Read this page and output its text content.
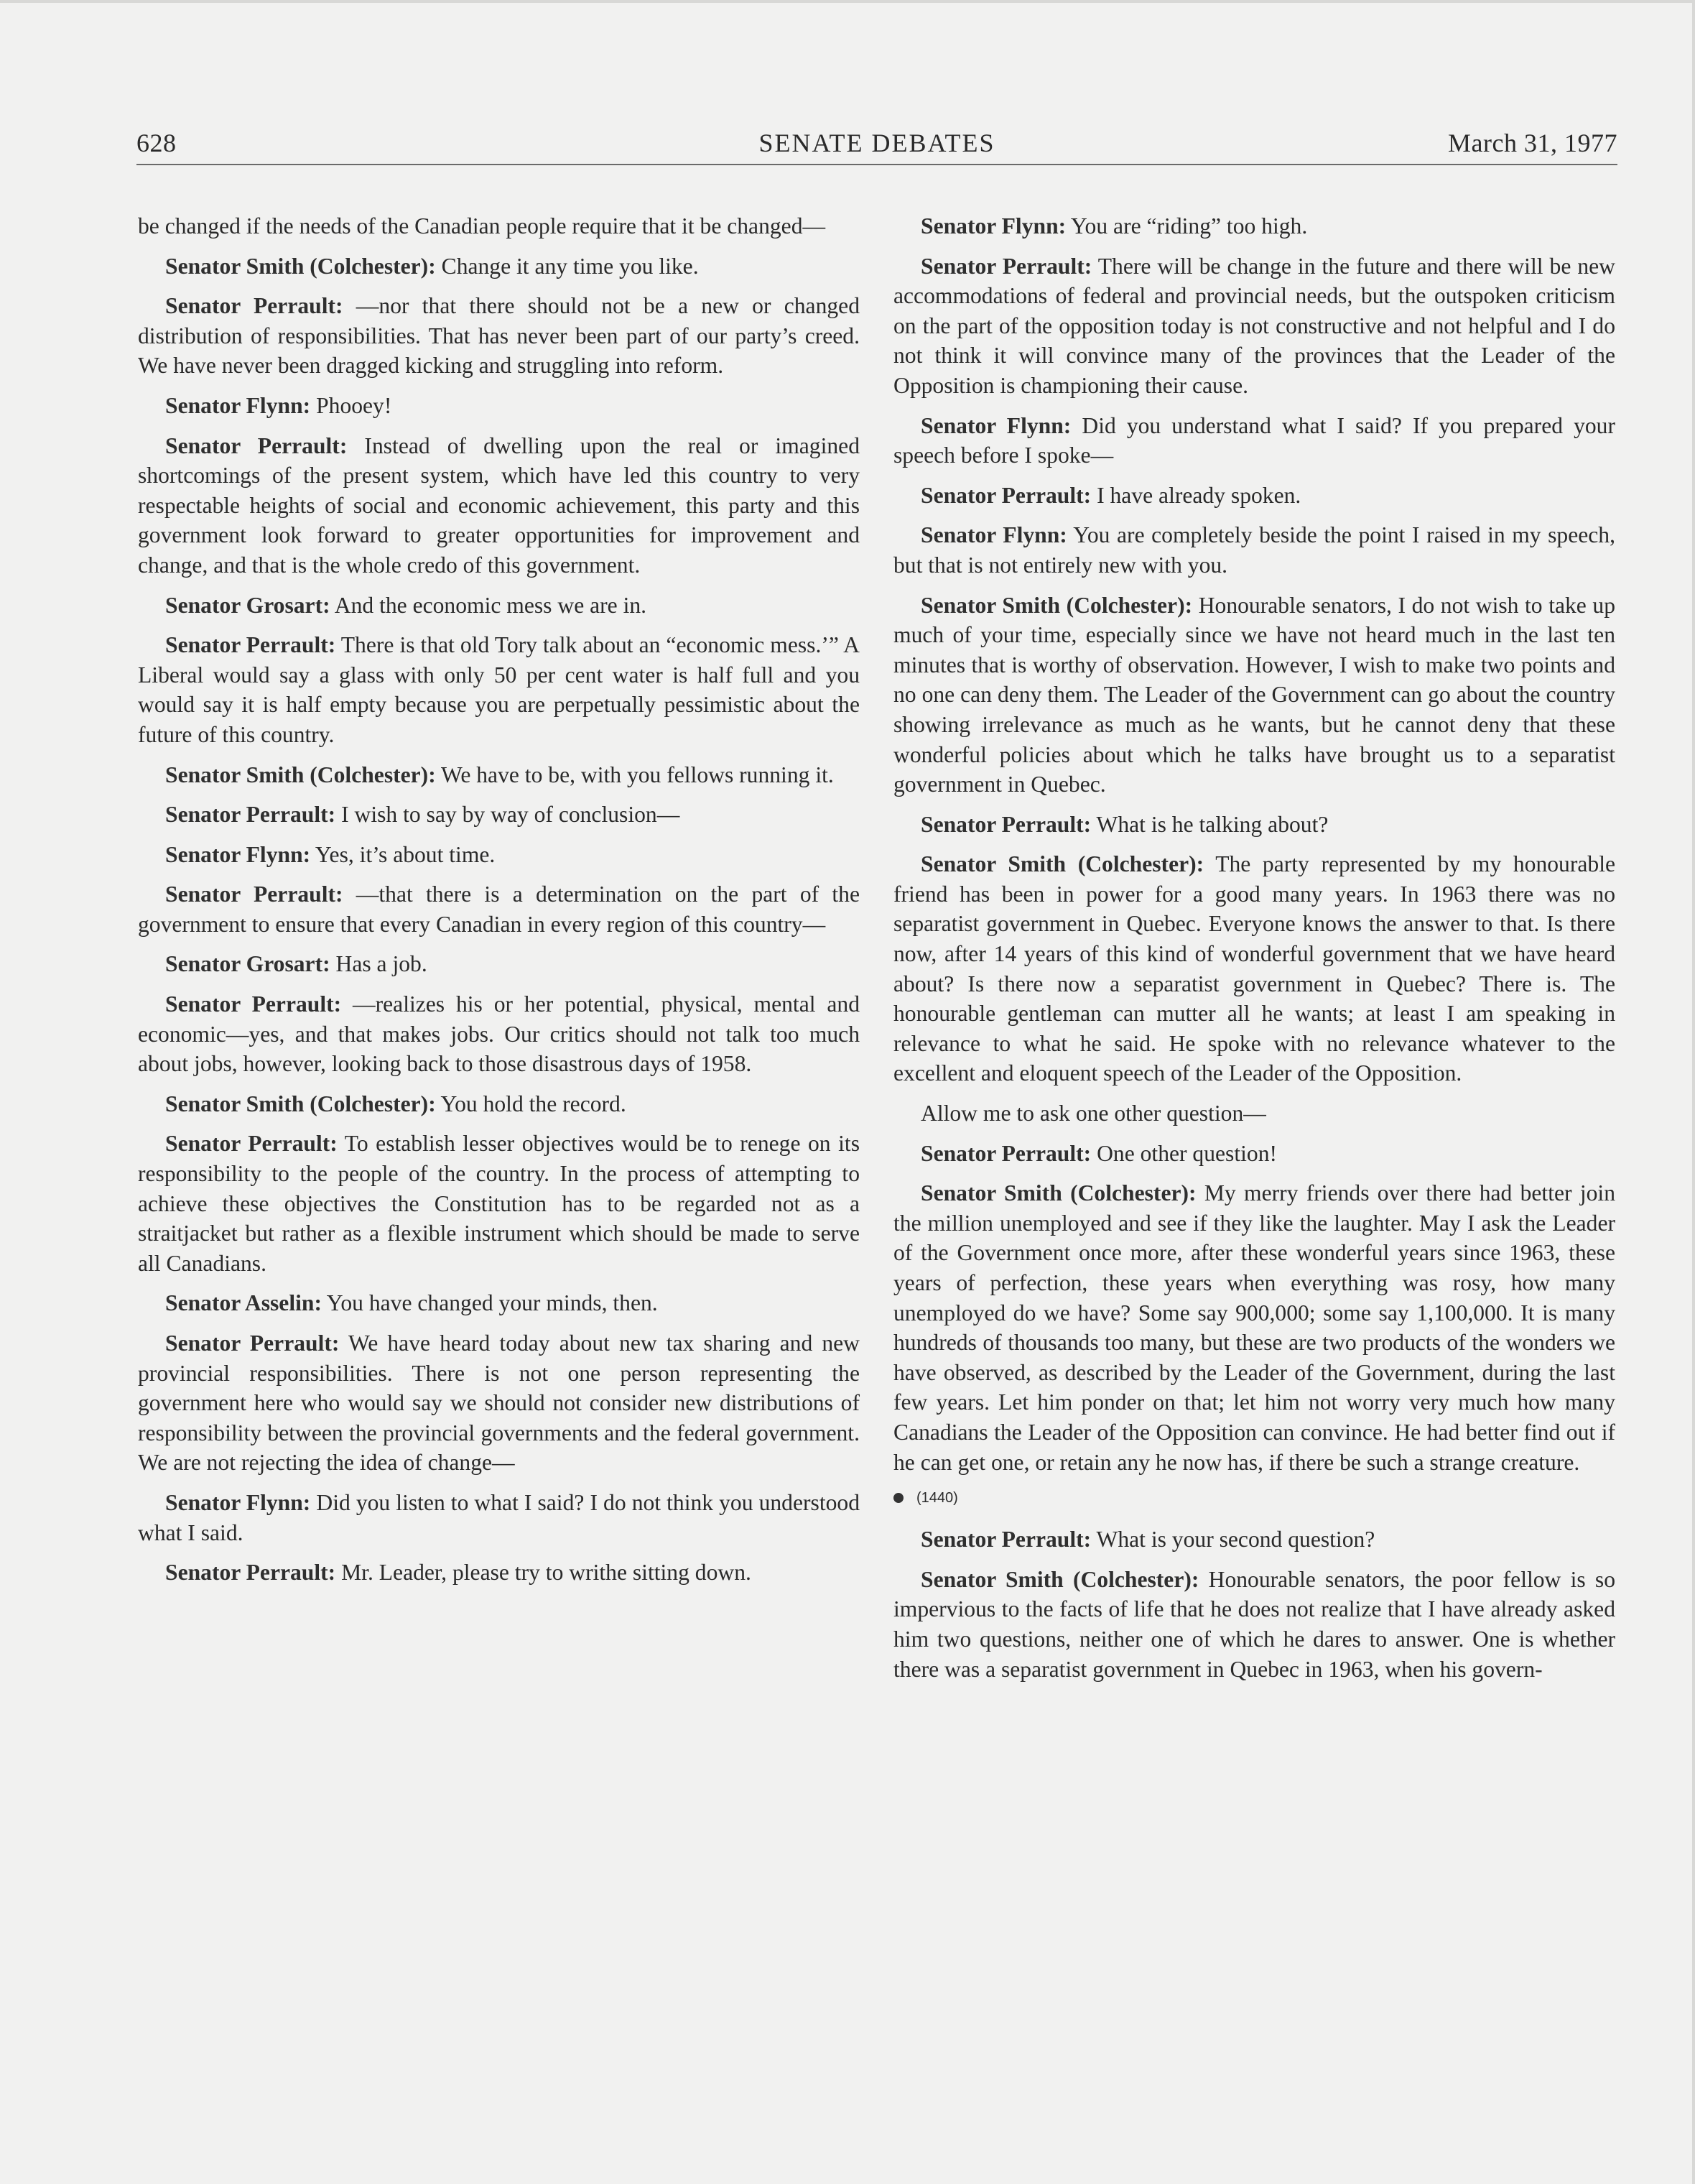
SENATE DEBATES
628	March 31, 1977

be changed if the needs of the Canadian people require that it be changed—

Senator Smith (Colchester): Change it any time you like.

Senator Perrault: —nor that there should not be a new or changed distribution of responsibilities. That has never been part of our party’s creed. We have never been dragged kicking and struggling into reform.

Senator Flynn: Phooey!

Senator Perrault: Instead of dwelling upon the real or imagined shortcomings of the present system, which have led this country to very respectable heights of social and economic achievement, this party and this government look forward to greater opportunities for improvement and change, and that is the whole credo of this government.

Senator Grosart: And the economic mess we are in.

Senator Perrault: There is that old Tory talk about an “economic mess.’” A Liberal would say a glass with only 50 per cent water is half full and you would say it is half empty because you are perpetually pessimistic about the future of this country.

Senator Smith (Colchester): We have to be, with you fellows running it.

Senator Perrault: I wish to say by way of conclusion—

Senator Flynn: Yes, it’s about time.

Senator Perrault: —that there is a determination on the part of the government to ensure that every Canadian in every region of this country—

Senator Grosart: Has a job.

Senator Perrault: —realizes his or her potential, physical, mental and economic—yes, and that makes jobs. Our critics should not talk too much about jobs, however, looking back to those disastrous days of 1958.

Senator Smith (Colchester): You hold the record.

Senator Perrault: To establish lesser objectives would be to renege on its responsibility to the people of the country. In the process of attempting to achieve these objectives the Constitution has to be regarded not as a straitjacket but rather as a flexible instrument which should be made to serve all Canadians.

Senator Asselin: You have changed your minds, then.

Senator Perrault: We have heard today about new tax sharing and new provincial responsibilities. There is not one person representing the government here who would say we should not consider new distributions of responsibility between the provincial governments and the federal government. We are not rejecting the idea of change—

Senator Flynn: Did you listen to what I said? I do not think you understood what I said.

Senator Perrault: Mr. Leader, please try to writhe sitting down.

Senator Flynn: You are “riding” too high.

Senator Perrault: There will be change in the future and there will be new accommodations of federal and provincial needs, but the outspoken criticism on the part of the opposition today is not constructive and not helpful and I do not think it will convince many of the provinces that the Leader of the Opposition is championing their cause.

Senator Flynn: Did you understand what I said? If you prepared your speech before I spoke—

Senator Perrault: I have already spoken.

Senator Flynn: You are completely beside the point I raised in my speech, but that is not entirely new with you.

Senator Smith (Colchester): Honourable senators, I do not wish to take up much of your time, especially since we have not heard much in the last ten minutes that is worthy of observation. However, I wish to make two points and no one can deny them. The Leader of the Government can go about the country showing irrelevance as much as he wants, but he cannot deny that these wonderful policies about which he talks have brought us to a separatist government in Quebec.

Senator Perrault: What is he talking about?

Senator Smith (Colchester): The party represented by my honourable friend has been in power for a good many years. In 1963 there was no separatist government in Quebec. Everyone knows the answer to that. Is there now, after 14 years of this kind of wonderful government that we have heard about? Is there now a separatist government in Quebec? There is. The honourable gentleman can mutter all he wants; at least I am speaking in relevance to what he said. He spoke with no relevance whatever to the excellent and eloquent speech of the Leader of the Opposition.

Allow me to ask one other question—

Senator Perrault: One other question!

Senator Smith (Colchester): My merry friends over there had better join the million unemployed and see if they like the laughter. May I ask the Leader of the Government once more, after these wonderful years since 1963, these years of perfection, these years when everything was rosy, how many unemployed do we have? Some say 900,000; some say 1,100,000. It is many hundreds of thousands too many, but these are two products of the wonders we have observed, as described by the Leader of the Government, during the last few years. Let him ponder on that; let him not worry very much how many Canadians the Leader of the Opposition can convince. He had better find out if he can get one, or retain any he now has, if there be such a strange creature.

(1440)

Senator Perrault: What is your second question?

Senator Smith (Colchester): Honourable senators, the poor fellow is so impervious to the facts of life that he does not realize that I have already asked him two questions, neither one of which he dares to answer. One is whether there was a separatist government in Quebec in 1963, when his govern-
